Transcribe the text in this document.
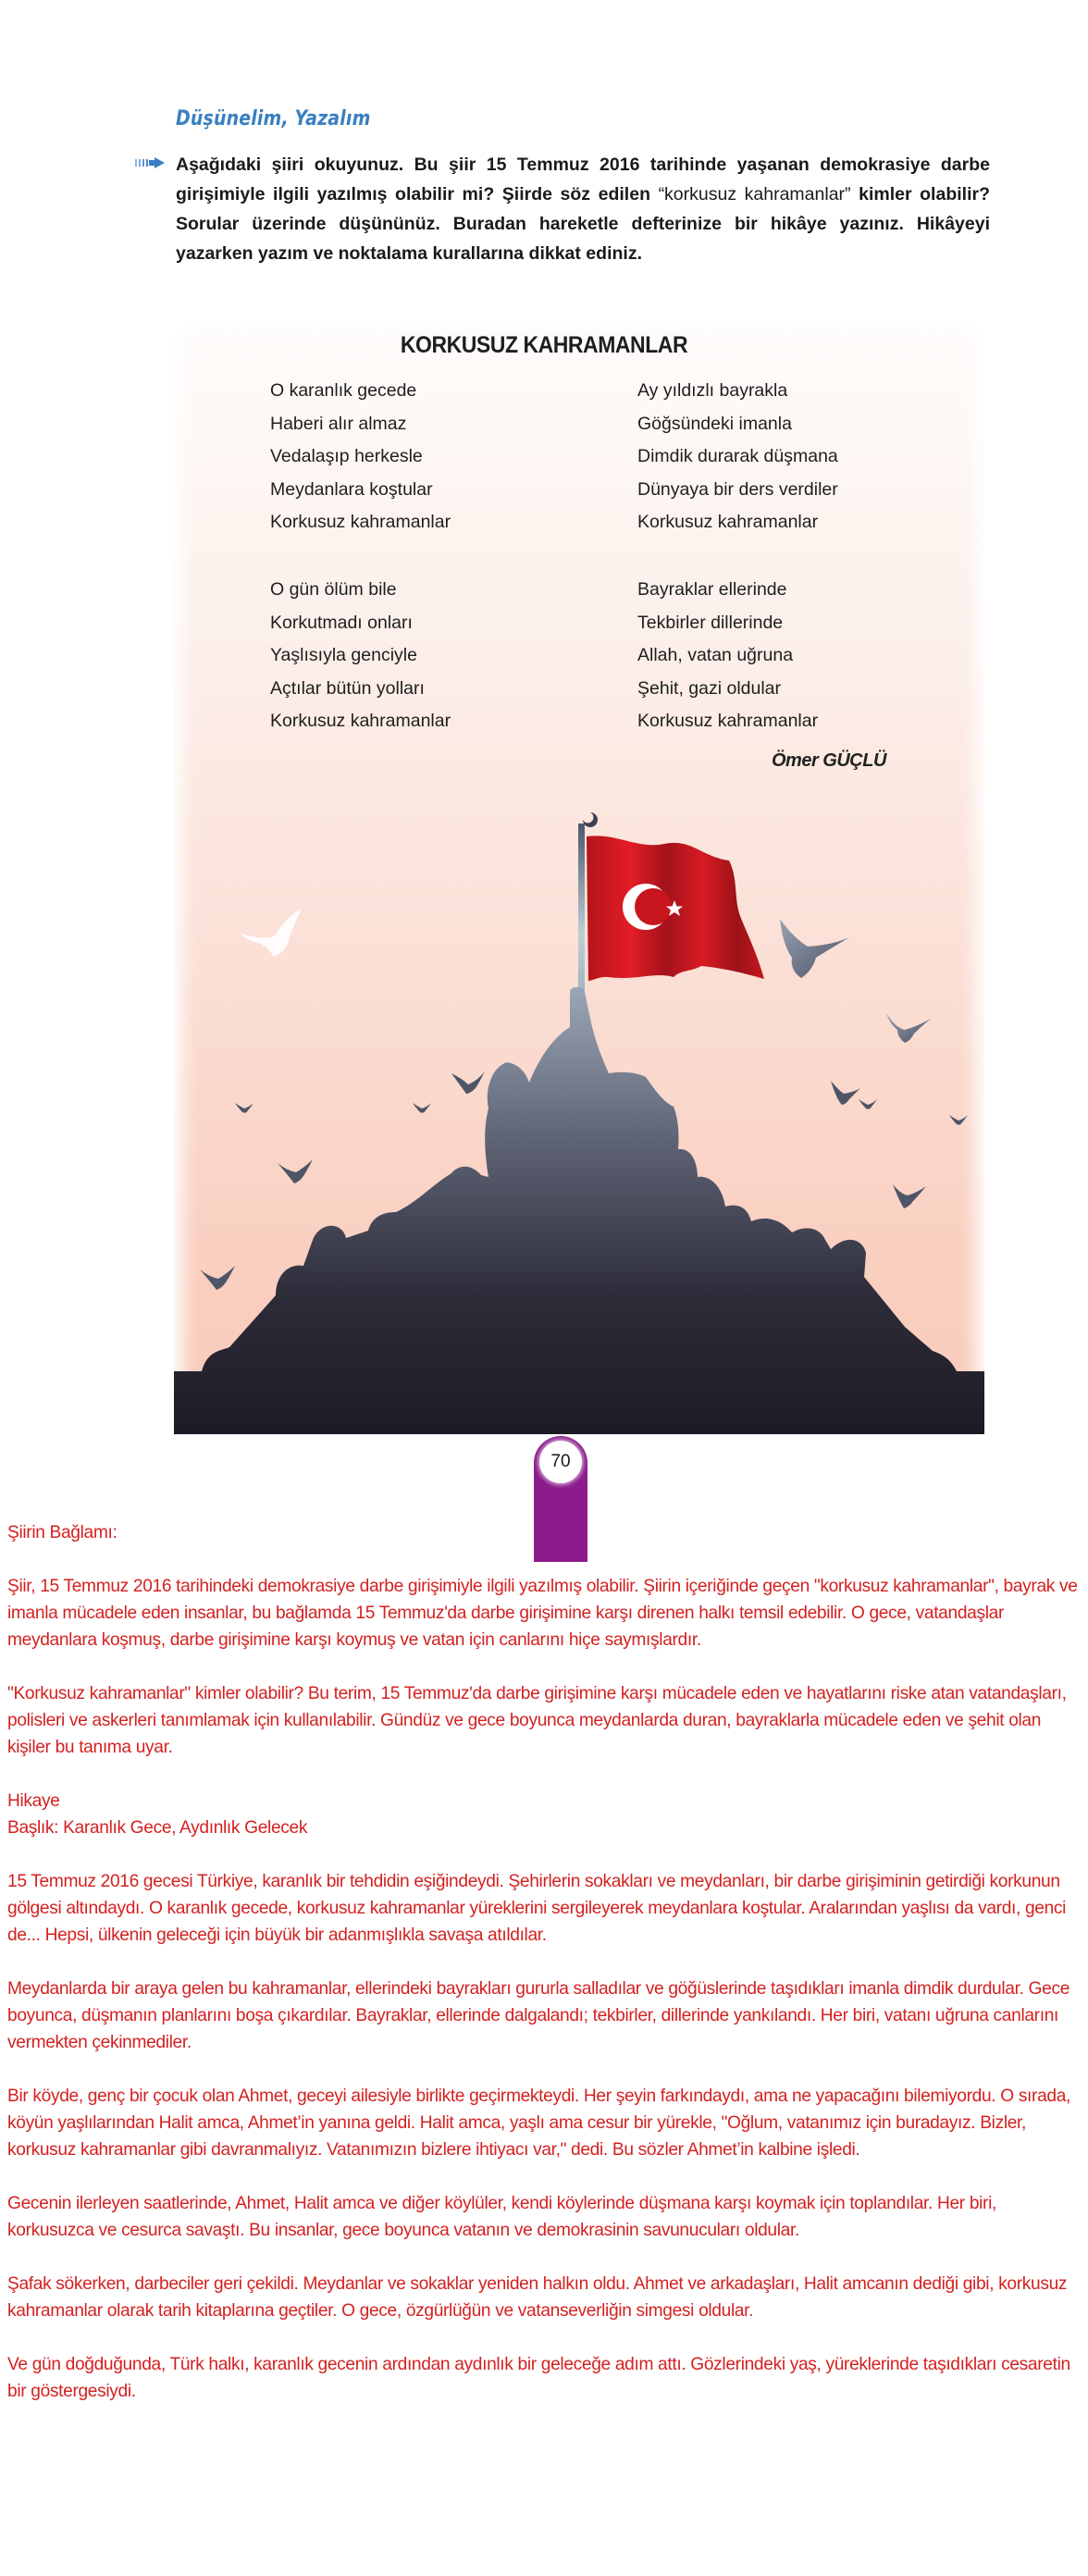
Düşünelim, Yazalım
Aşağıdaki şiiri okuyunuz. Bu şiir 15 Temmuz 2016 tarihinde yaşanan demokrasiye darbe girişimiyle ilgili yazılmış olabilir mi? Şiirde söz edilen “korkusuz kahramanlar” kimler olabilir? Sorular üzerinde düşününüz. Buradan hareketle defterinize bir hikâye yazınız. Hikâyeyi yazarken yazım ve noktalama kurallarına dikkat ediniz.
KORKUSUZ KAHRAMANLAR
O karanlık gecede
Haberi alır almaz
Vedalaşıp herkesle
Meydanlara koştular
Korkusuz kahramanlar
Ay yıldızlı bayrakla
Göğsündeki imanla
Dimdik durarak düşmana
Dünyaya bir ders verdiler
Korkusuz kahramanlar
O gün ölüm bile
Korkutmadı onları
Yaşlısıyla genciyle
Açtılar bütün yolları
Korkusuz kahramanlar
Bayraklar ellerinde
Tekbirler dillerinde
Allah, vatan uğruna
Şehit, gazi oldular
Korkusuz kahramanlar
Ömer GÜÇLÜ
70

Şiirin Bağlamı:

Şiir, 15 Temmuz 2016 tarihindeki demokrasiye darbe girişimiyle ilgili yazılmış olabilir. Şiirin içeriğinde geçen "korkusuz kahramanlar", bayrak ve imanla mücadele eden insanlar, bu bağlamda 15 Temmuz'da darbe girişimine karşı direnen halkı temsil edebilir. O gece, vatandaşlar meydanlara koşmuş, darbe girişimine karşı koymuş ve vatan için canlarını hiçe saymışlardır.

"Korkusuz kahramanlar" kimler olabilir? Bu terim, 15 Temmuz'da darbe girişimine karşı mücadele eden ve hayatlarını riske atan vatandaşları, polisleri ve askerleri tanımlamak için kullanılabilir. Gündüz ve gece boyunca meydanlarda duran, bayraklarla mücadele eden ve şehit olan kişiler bu tanıma uyar.

Hikaye

Başlık: Karanlık Gece, Aydınlık Gelecek

15 Temmuz 2016 gecesi Türkiye, karanlık bir tehdidin eşiğindeydi. Şehirlerin sokakları ve meydanları, bir darbe girişiminin getirdiği korkunun gölgesi altındaydı. O karanlık gecede, korkusuz kahramanlar yüreklerini sergileyerek meydanlara koştular. Aralarından yaşlısı da vardı, genci de... Hepsi, ülkenin geleceği için büyük bir adanmışlıkla savaşa atıldılar.

Meydanlarda bir araya gelen bu kahramanlar, ellerindeki bayrakları gururla salladılar ve göğüslerinde taşıdıkları imanla dimdik durdular. Gece boyunca, düşmanın planlarını boşa çıkardılar. Bayraklar, ellerinde dalgalandı; tekbirler, dillerinde yankılandı. Her biri, vatanı uğruna canlarını vermekten çekinmediler.

Bir köyde, genç bir çocuk olan Ahmet, geceyi ailesiyle birlikte geçirmekteydi. Her şeyin farkındaydı, ama ne yapacağını bilemiyordu. O sırada, köyün yaşlılarından Halit amca, Ahmet’in yanına geldi. Halit amca, yaşlı ama cesur bir yürekle, "Oğlum, vatanımız için buradayız. Bizler, korkusuz kahramanlar gibi davranmalıyız. Vatanımızın bizlere ihtiyacı var," dedi. Bu sözler Ahmet’in kalbine işledi.

Gecenin ilerleyen saatlerinde, Ahmet, Halit amca ve diğer köylüler, kendi köylerinde düşmana karşı koymak için toplandılar. Her biri, korkusuzca ve cesurca savaştı. Bu insanlar, gece boyunca vatanın ve demokrasinin savunucuları oldular.

Şafak sökerken, darbeciler geri çekildi. Meydanlar ve sokaklar yeniden halkın oldu. Ahmet ve arkadaşları, Halit amcanın dediği gibi, korkusuz kahramanlar olarak tarih kitaplarına geçtiler. O gece, özgürlüğün ve vatanseverliğin simgesi oldular.

Ve gün doğduğunda, Türk halkı, karanlık gecenin ardından aydınlık bir geleceğe adım attı. Gözlerindeki yaş, yüreklerinde taşıdıkları cesaretin bir göstergesiydi.
